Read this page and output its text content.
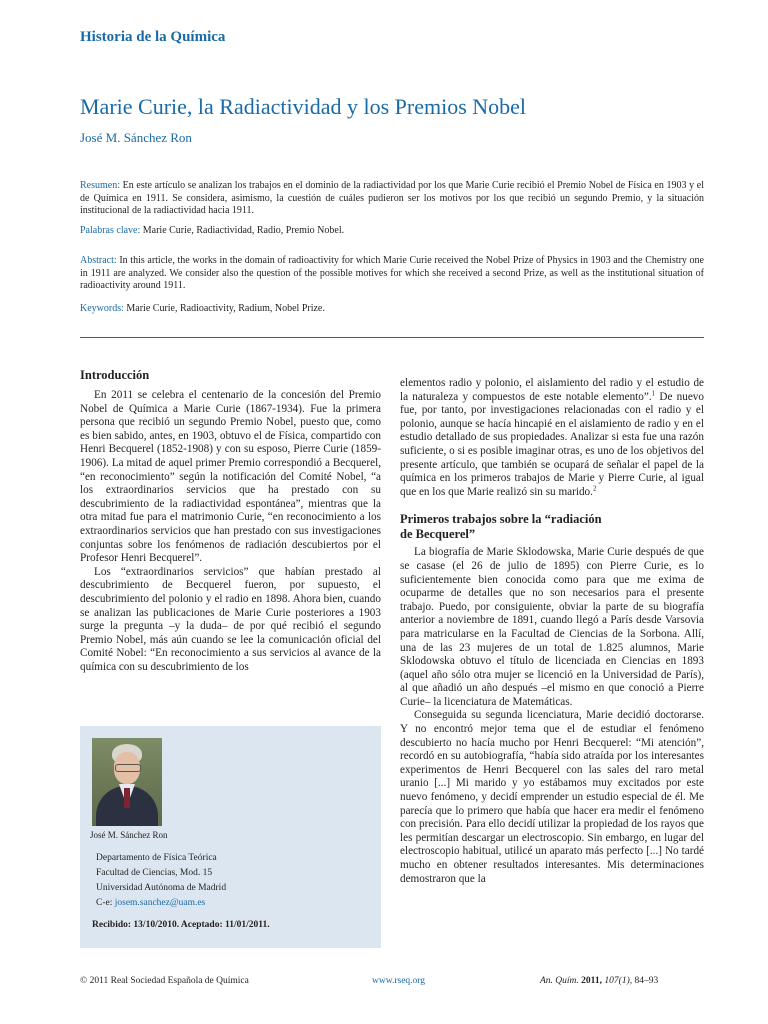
Historia de la Química
Marie Curie, la Radiactividad y los Premios Nobel
José M. Sánchez Ron
Resumen: En este artículo se analizan los trabajos en el dominio de la radiactividad por los que Marie Curie recibió el Premio Nobel de Física en 1903 y el de Química en 1911. Se considera, asimismo, la cuestión de cuáles pudieron ser los motivos por los que recibió un segundo Premio, y la situación institucional de la radiactividad hacia 1911.
Palabras clave: Marie Curie, Radiactividad, Radio, Premio Nobel.
Abstract: In this article, the works in the domain of radioactivity for which Marie Curie received the Nobel Prize of Physics in 1903 and the Chemistry one in 1911 are analyzed. We consider also the question of the possible motives for which she received a second Prize, as well as the institutional situation of radioactivity around 1911.
Keywords: Marie Curie, Radioactivity, Radium, Nobel Prize.
Introducción

En 2011 se celebra el centenario de la concesión del Premio Nobel de Química a Marie Curie (1867-1934). Fue la primera persona que recibió un segundo Premio Nobel, puesto que, como es bien sabido, antes, en 1903, obtuvo el de Física, compartido con Henri Becquerel (1852-1908) y con su esposo, Pierre Curie (1859-1906). La mitad de aquel primer Premio correspondió a Becquerel, “en reconocimiento” según la notificación del Comité Nobel, “a los extraordinarios servicios que ha prestado con su descubrimiento de la radiactividad espontánea”, mientras que la otra mitad fue para el matrimonio Curie, “en reconocimiento a los extraordinarios servicios que han prestado con sus investigaciones conjuntas sobre los fenómenos de radiación descubiertos por el Profesor Henri Becquerel”.

Los “extraordinarios servicios” que habían prestado al descubrimiento de Becquerel fueron, por supuesto, el descubrimiento del polonio y el radio en 1898. Ahora bien, cuando se analizan las publicaciones de Marie Curie posteriores a 1903 surge la pregunta –y la duda– de por qué recibió el segundo Premio Nobel, más aún cuando se lee la comunicación oficial del Comité Nobel: “En reconocimiento a sus servicios al avance de la química con su descubrimiento de los

José M. Sánchez Ron
Departamento de Física Teórica
Facultad de Ciencias, Mod. 15
Universidad Autónoma de Madrid
C-e: josem.sanchez@uam.es
Recibido: 13/10/2010. Aceptado: 11/01/2011.

elementos radio y polonio, el aislamiento del radio y el estudio de la naturaleza y compuestos de este notable elemento”.$^1$ De nuevo fue, por tanto, por investigaciones relacionadas con el radio y el polonio, aunque se hacía hincapié en el aislamiento de radio y en el estudio detallado de sus propiedades. Analizar si esta fue una razón suficiente, o si es posible imaginar otras, es uno de los objetivos del presente artículo, que también se ocupará de señalar el papel de la química en los primeros trabajos de Marie y Pierre Curie, al igual que en los que Marie realizó sin su marido.$^2$

Primeros trabajos sobre la “radiación
de Becquerel”

La biografía de Marie Sklodowska, Marie Curie después de que se casase (el 26 de julio de 1895) con Pierre Curie, es lo suficientemente bien conocida como para que me exima de ocuparme de detalles que no son necesarios para el presente trabajo. Puedo, por consiguiente, obviar la parte de su biografía anterior a noviembre de 1891, cuando llegó a París desde Varsovia para matricularse en la Facultad de Ciencias de la Sorbona. Allí, una de las 23 mujeres de un total de 1.825 alumnos, Marie Sklodowska obtuvo el título de licenciada en Ciencias en 1893 (aquel año sólo otra mujer se licenció en la Universidad de París), al que añadió un año después –el mismo en que conoció a Pierre Curie– la licenciatura de Matemáticas.

Conseguida su segunda licenciatura, Marie decidió doctorarse. Y no encontró mejor tema que el de estudiar el fenómeno descubierto no hacía mucho por Henri Becquerel: “Mi atención”, recordó en su autobiografía, “había sido atraída por los interesantes experimentos de Henri Becquerel con las sales del raro metal uranio [...] Mi marido y yo estábamos muy excitados por este nuevo fenómeno, y decidí emprender un estudio especial de él. Me parecía que lo primero que había que hacer era medir el fenómeno con precisión. Para ello decidí utilizar la propiedad de los rayos que les permitían descargar un electroscopio. Sin embargo, en lugar del electroscopio habitual, utilicé un aparato más perfecto [...] No tardé mucho en obtener resultados interesantes. Mis determinaciones demostraron que la

© 2011 Real Sociedad Española de Química	www.rseq.org	An. Quím. 2011, 107(1), 84–93
